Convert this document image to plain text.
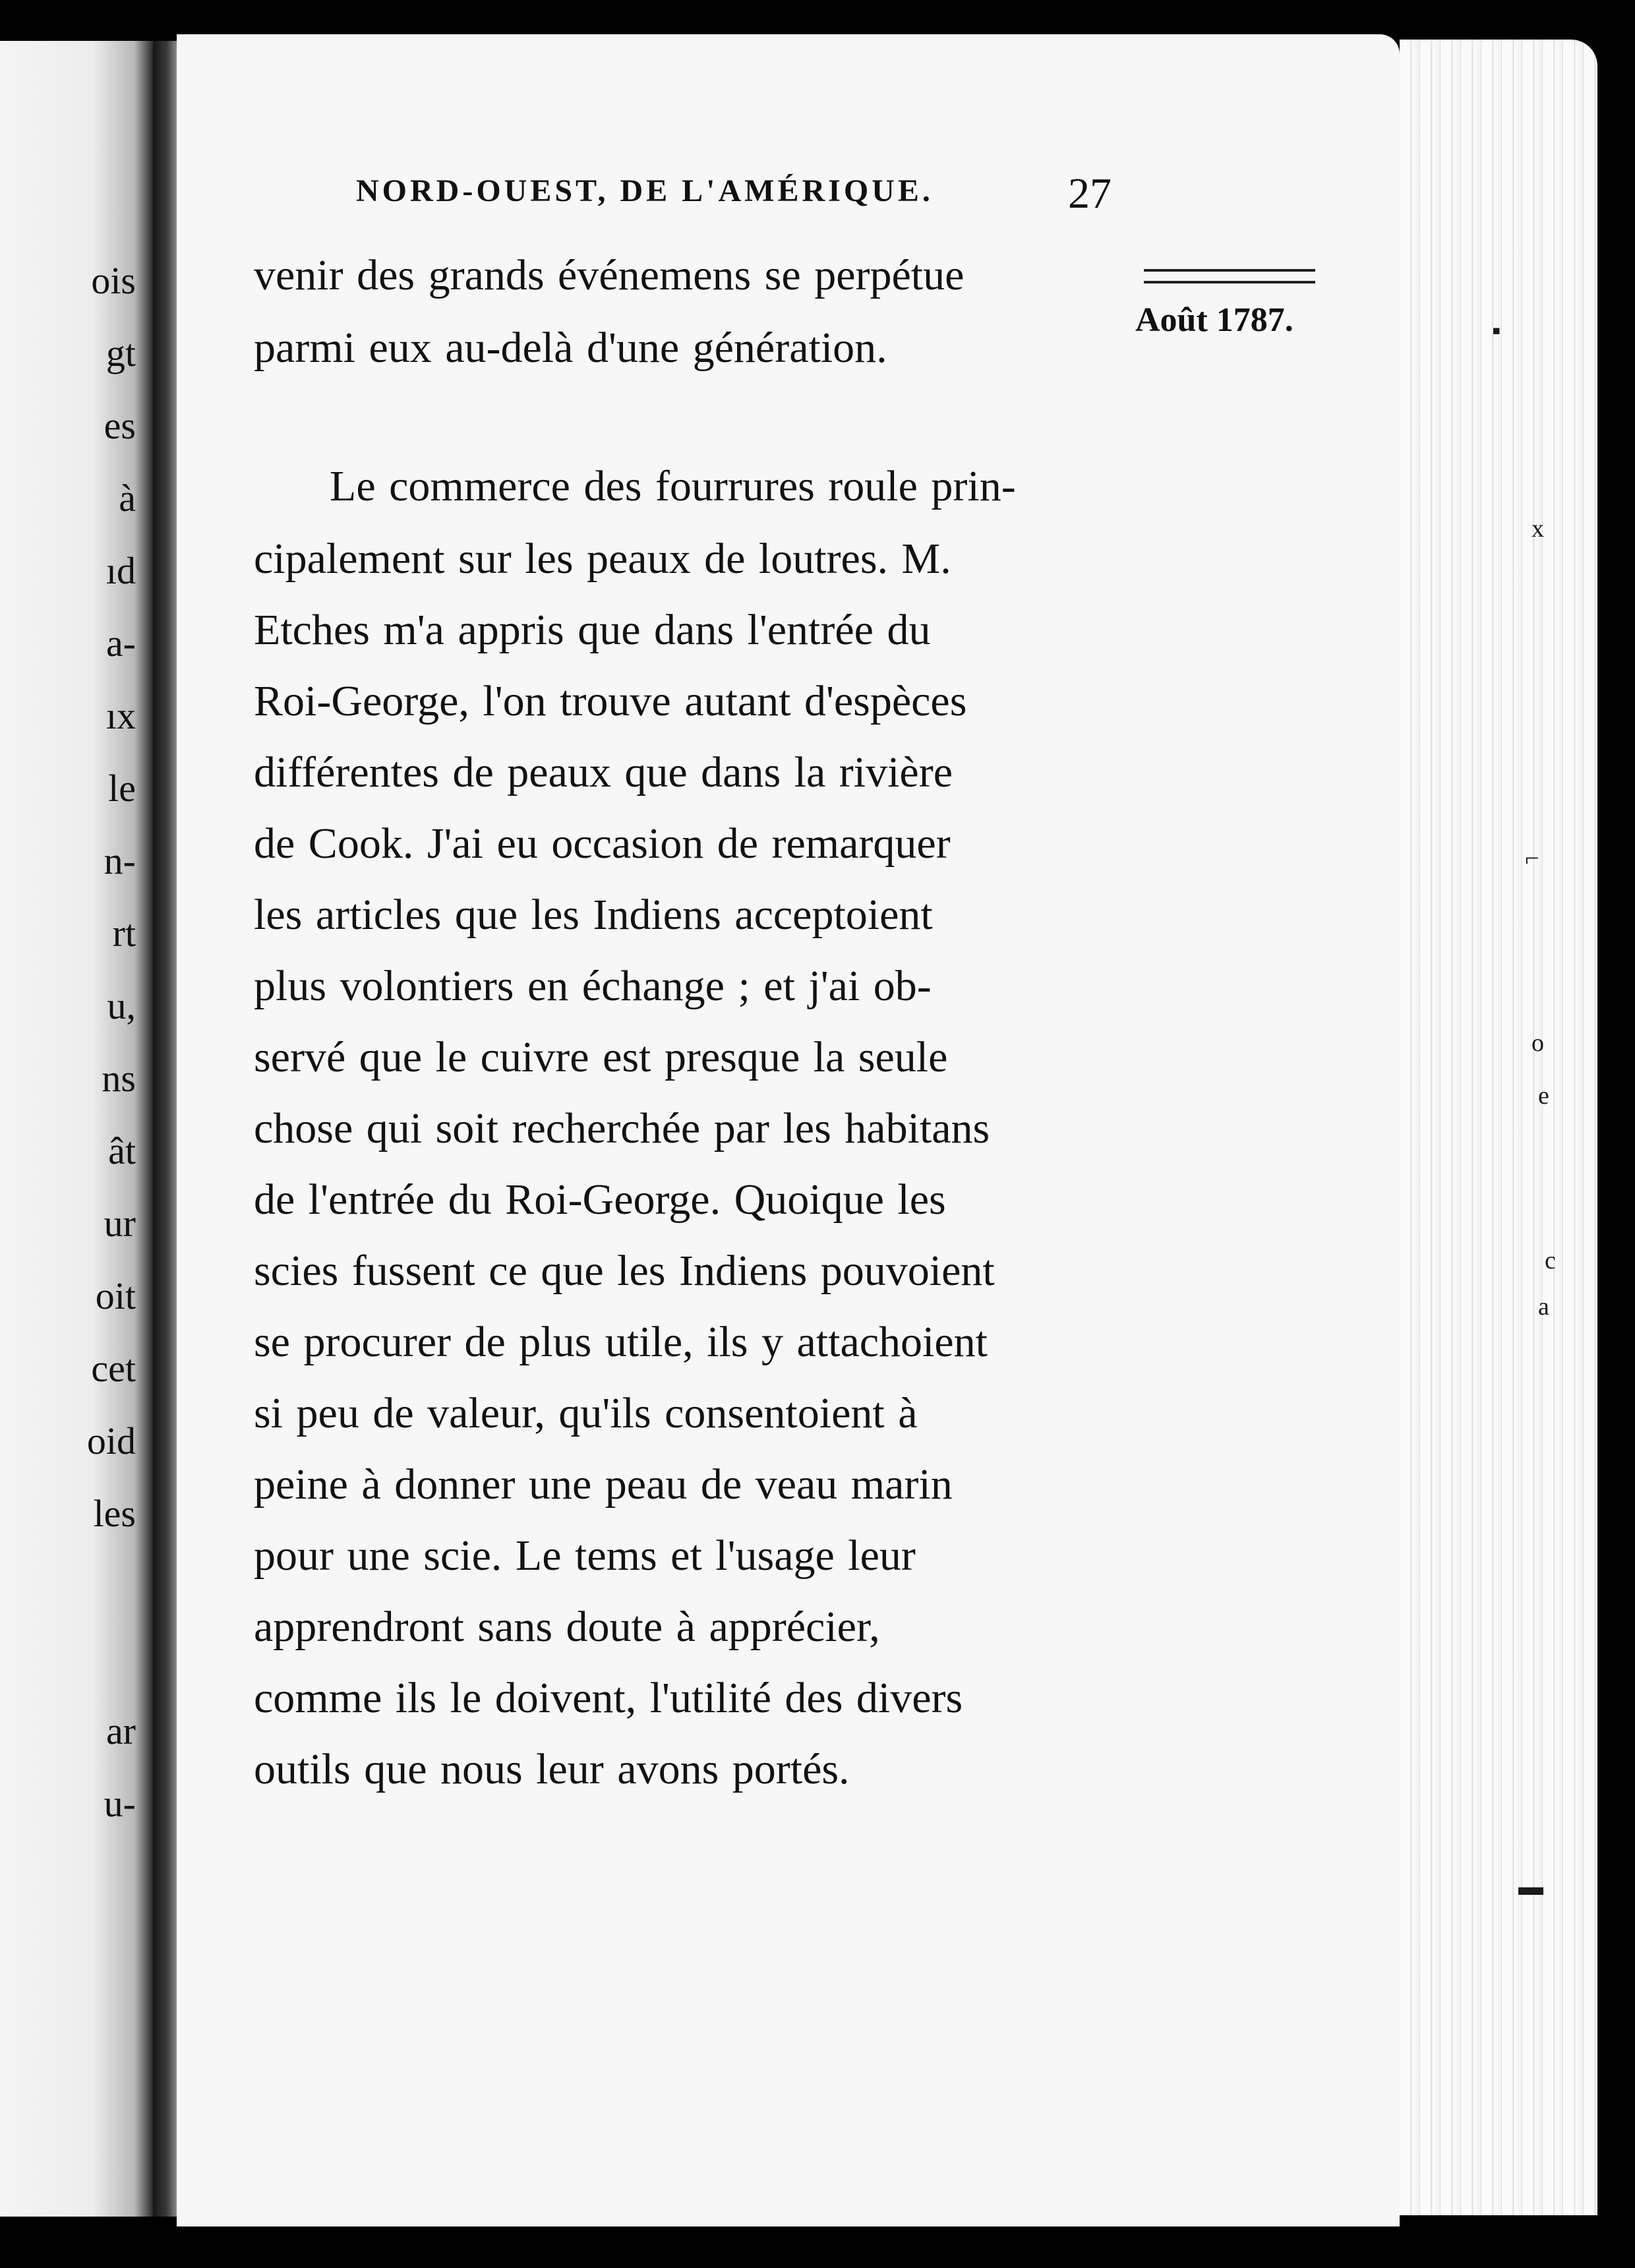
ois

gt

es

à

ıd

a-

ıx

le

n-

rt

u,

ns

ât

ur

oit

cet

oid

les

ar

u-

▪
x
⌐
o
e
c
a
▬

NORD-OUEST, DE L'AMÉRIQUE.	27

Août 1787.

venir des grands événemens se perpétue

parmi eux au-delà d'une génération.

Le commerce des fourrures roule prin-

cipalement sur les peaux de loutres. M.

Etches m'a appris que dans l'entrée du

Roi-George, l'on trouve autant d'espèces

différentes de peaux que dans la rivière

de Cook. J'ai eu occasion de remarquer

les articles que les Indiens acceptoient

plus volontiers en échange ; et j'ai ob-

servé que le cuivre est presque la seule

chose qui soit recherchée par les habitans

de l'entrée du Roi-George. Quoique les

scies fussent ce que les Indiens pouvoient

se procurer de plus utile, ils y attachoient

si peu de valeur, qu'ils consentoient à

peine à donner une peau de veau marin

pour une scie. Le tems et l'usage leur

apprendront sans doute à apprécier,

comme ils le doivent, l'utilité des divers

outils que nous leur avons portés.
